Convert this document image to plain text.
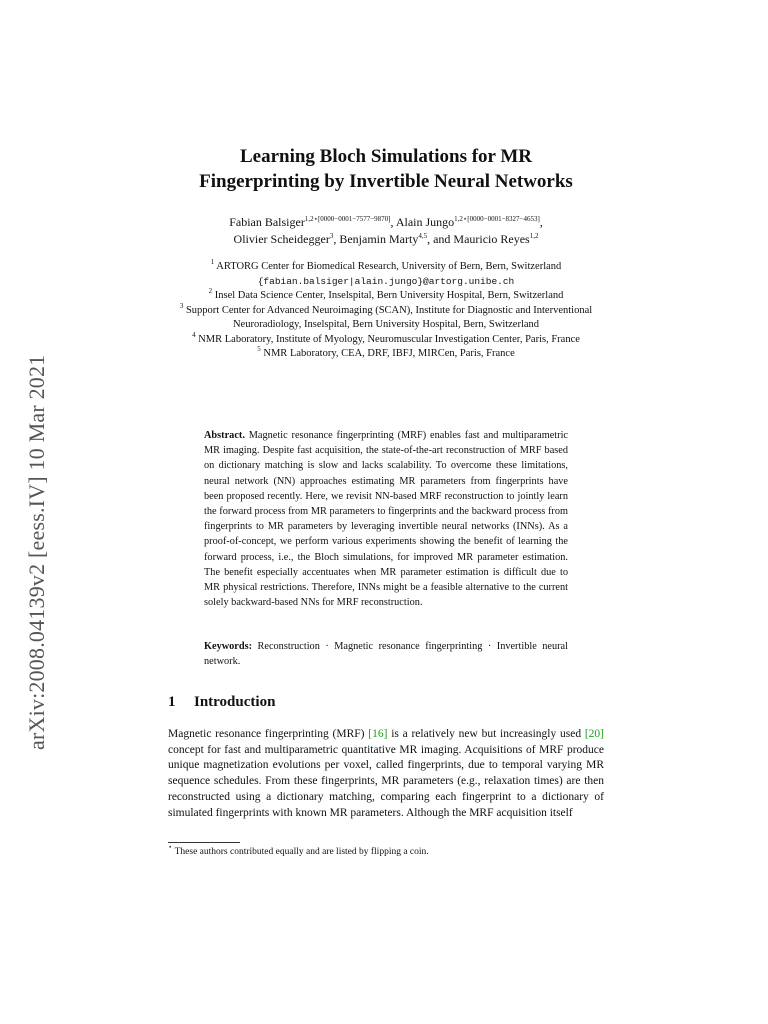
arXiv:2008.04139v2 [eess.IV] 10 Mar 2021
Learning Bloch Simulations for MR
Fingerprinting by Invertible Neural Networks
Fabian Balsiger$^{1,2⋆[0000-0001-7577-9870]}$, Alain Jungo$^{1,2⋆[0000-0001-8327-4653]}$,
Olivier Scheidegger$^3$, Benjamin Marty$^{4,5}$, and Mauricio Reyes$^{1,2}$

$^1$ ARTORG Center for Biomedical Research, University of Bern, Bern, Switzerland

{fabian.balsiger|alain.jungo}@artorg.unibe.ch

$^2$ Insel Data Science Center, Inselspital, Bern University Hospital, Bern, Switzerland

$^3$ Support Center for Advanced Neuroimaging (SCAN), Institute for Diagnostic and Interventional Neuroradiology, Inselspital, Bern University Hospital, Bern, Switzerland

$^4$ NMR Laboratory, Institute of Myology, Neuromuscular Investigation Center, Paris, France

$^5$ NMR Laboratory, CEA, DRF, IBFJ, MIRCen, Paris, France

Abstract. Magnetic resonance fingerprinting (MRF) enables fast and multiparametric MR imaging. Despite fast acquisition, the state-of-the-art reconstruction of MRF based on dictionary matching is slow and lacks scalability. To overcome these limitations, neural network (NN) approaches estimating MR parameters from fingerprints have been proposed recently. Here, we revisit NN-based MRF reconstruction to jointly learn the forward process from MR parameters to fingerprints and the backward process from fingerprints to MR parameters by leveraging invertible neural networks (INNs). As a proof-of-concept, we perform various experiments showing the benefit of learning the forward process, i.e., the Bloch simulations, for improved MR parameter estimation. The benefit especially accentuates when MR parameter estimation is difficult due to MR physical restrictions. Therefore, INNs might be a feasible alternative to the current solely backward-based NNs for MRF reconstruction.
Keywords: Reconstruction · Magnetic resonance fingerprinting · Invertible neural network.
1 Introduction
Magnetic resonance fingerprinting (MRF) [16] is a relatively new but increasingly used [20] concept for fast and multiparametric quantitative MR imaging. Acquisitions of MRF produce unique magnetization evolutions per voxel, called fingerprints, due to temporal varying MR sequence schedules. From these fingerprints, MR parameters (e.g., relaxation times) are then reconstructed using a dictionary matching, comparing each fingerprint to a dictionary of simulated fingerprints with known MR parameters. Although the MRF acquisition itself
⋆ These authors contributed equally and are listed by flipping a coin.
